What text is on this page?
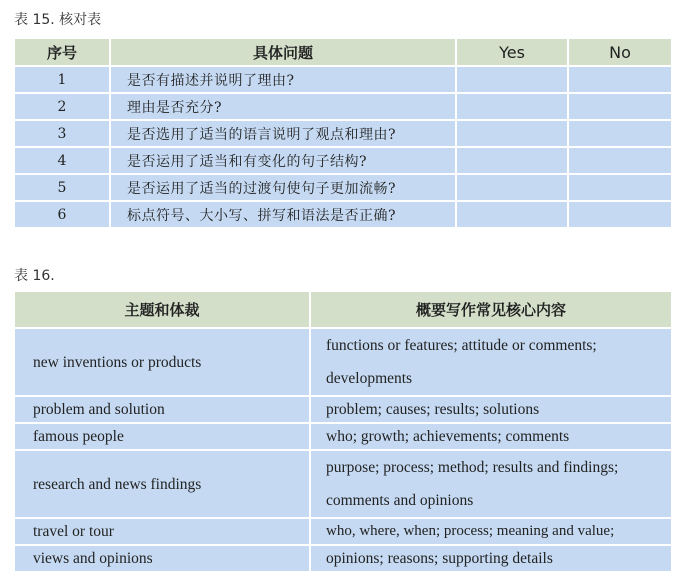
表 15. 核对表
序号	具体问题	Yes	No
1	是否有描述并说明了理由?		
2	理由是否充分?		
3	是否选用了适当的语言说明了观点和理由?		
4	是否运用了适当和有变化的句子结构?		
5	是否运用了适当的过渡句使句子更加流畅?		
6	标点符号、大小写、拼写和语法是否正确?		
表 16.
主题和体裁	概要写作常见核心内容
new inventions or products	functions or features; attitude or comments; developments
problem and solution	problem; causes; results; solutions
famous people	who; growth; achievements; comments
research and news findings	purpose; process; method; results and findings; comments and opinions
travel or tour	who, where, when; process; meaning and value;
views and opinions	opinions; reasons; supporting details
